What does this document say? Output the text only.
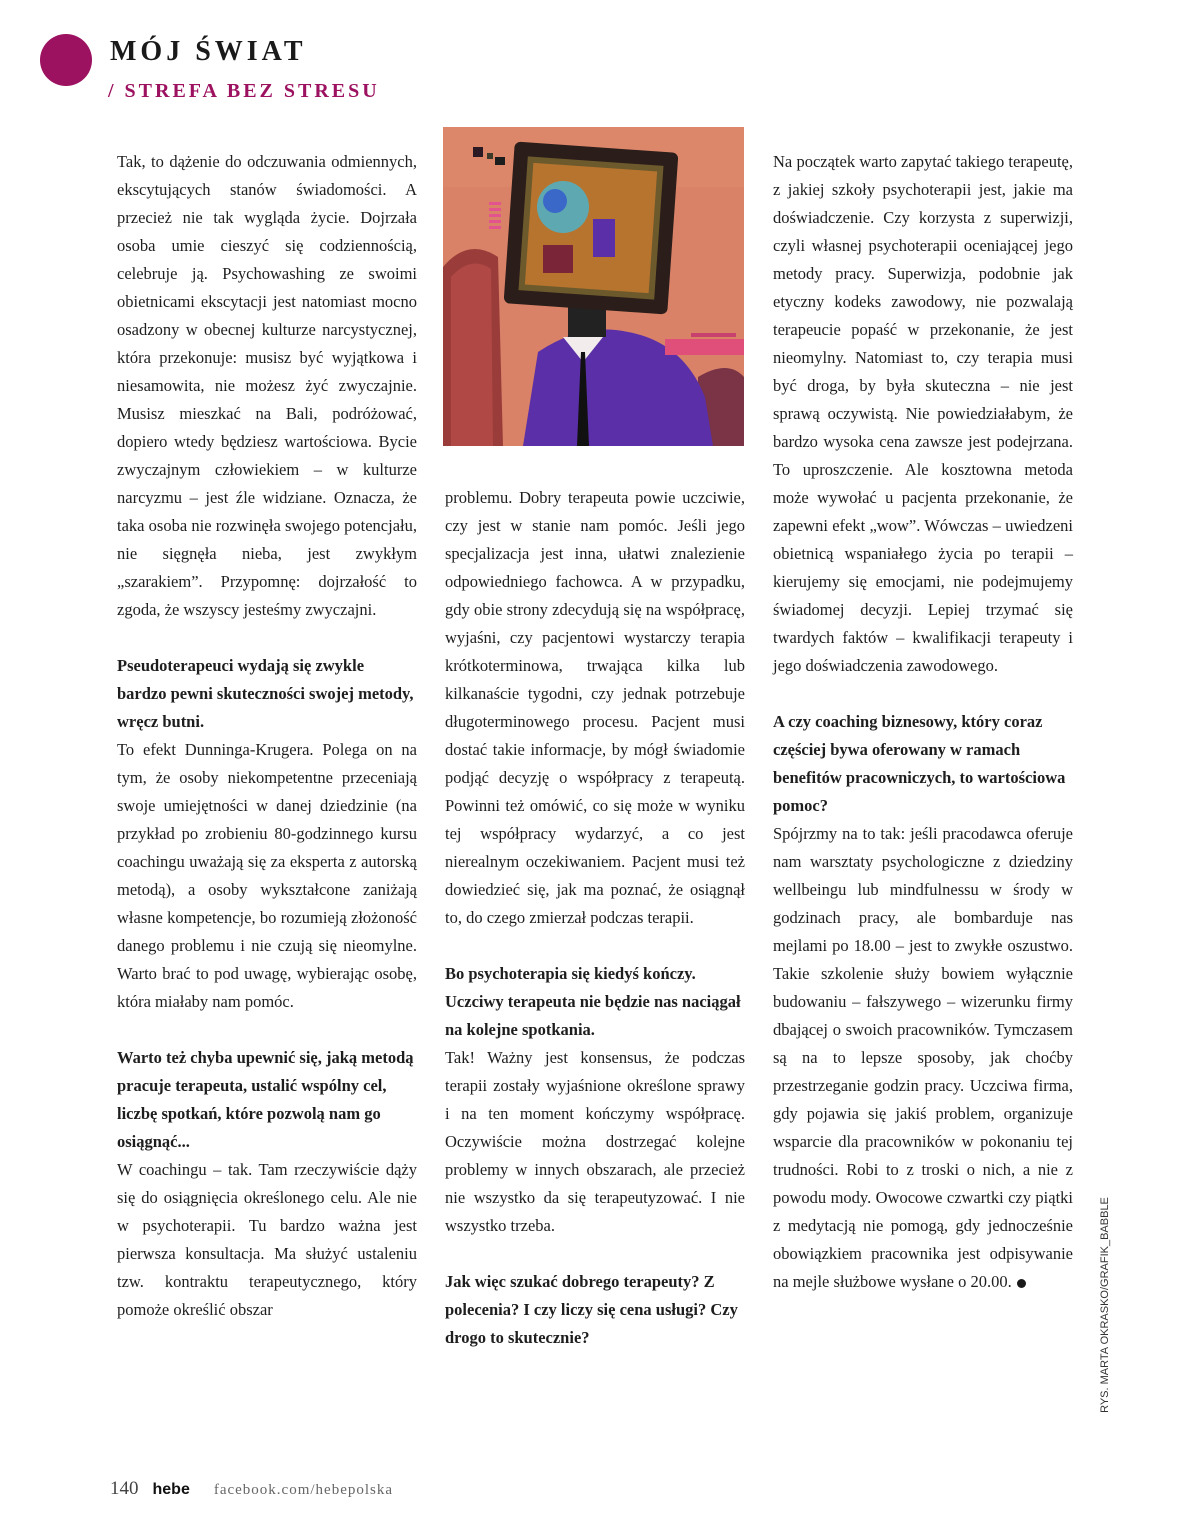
MÓJ ŚWIAT
/ STREFA BEZ STRESU

Tak, to dążenie do odczuwania odmiennych, ekscytujących stanów świadomości. A przecież nie tak wygląda życie. Dojrzała osoba umie cieszyć się codziennością, celebruje ją. Psychowashing ze swoimi obietnicami ekscytacji jest natomiast mocno osadzony w obecnej kulturze narcystycznej, która przekonuje: musisz być wyjątkowa i niesamowita, nie możesz żyć zwyczajnie. Musisz mieszkać na Bali, podróżować, dopiero wtedy będziesz wartościowa. Bycie zwyczajnym człowiekiem – w kulturze narcyzmu – jest źle widziane. Oznacza, że taka osoba nie rozwinęła swojego potencjału, nie sięgnęła nieba, jest zwykłym „szarakiem”. Przypomnę: dojrzałość to zgoda, że wszyscy jesteśmy zwyczajni.

Pseudoterapeuci wydają się zwykle bardzo pewni skuteczności swojej metody, wręcz butni.

To efekt Dunninga-Krugera. Polega on na tym, że osoby niekompetentne przeceniają swoje umiejętności w danej dziedzinie (na przykład po zrobieniu 80-godzinnego kursu coachingu uważają się za eksperta z autorską metodą), a osoby wykształcone zaniżają własne kompetencje, bo rozumieją złożoność danego problemu i nie czują się nieomylne. Warto brać to pod uwagę, wybierając osobę, która miałaby nam pomóc.

Warto też chyba upewnić się, jaką metodą pracuje terapeuta, ustalić wspólny cel, liczbę spotkań, które pozwolą nam go osiągnąć...

W coachingu – tak. Tam rzeczywiście dąży się do osiągnięcia określonego celu. Ale nie w psychoterapii. Tu bardzo ważna jest pierwsza konsultacja. Ma służyć ustaleniu tzw. kontraktu terapeutycznego, który pomoże określić obszar

problemu. Dobry terapeuta powie uczciwie, czy jest w stanie nam pomóc. Jeśli jego specjalizacja jest inna, ułatwi znalezienie odpowiedniego fachowca. A w przypadku, gdy obie strony zdecydują się na współpracę, wyjaśni, czy pacjentowi wystarczy terapia krótkoterminowa, trwająca kilka lub kilkanaście tygodni, czy jednak potrzebuje długoterminowego procesu. Pacjent musi dostać takie informacje, by mógł świadomie podjąć decyzję o współpracy z terapeutą. Powinni też omówić, co się może w wyniku tej współpracy wydarzyć, a co jest nierealnym oczekiwaniem. Pacjent musi też dowiedzieć się, jak ma poznać, że osiągnął to, do czego zmierzał podczas terapii.

Bo psychoterapia się kiedyś kończy. Uczciwy terapeuta nie będzie nas naciągał na kolejne spotkania.

Tak! Ważny jest konsensus, że podczas terapii zostały wyjaśnione określone sprawy i na ten moment kończymy współpracę. Oczywiście można dostrzegać kolejne problemy w innych obszarach, ale przecież nie wszystko da się terapeutyzować. I nie wszystko trzeba.

Jak więc szukać dobrego terapeuty? Z polecenia? I czy liczy się cena usługi? Czy drogo to skutecznie?

Na początek warto zapytać takiego terapeutę, z jakiej szkoły psychoterapii jest, jakie ma doświadczenie. Czy korzysta z superwizji, czyli własnej psychoterapii oceniającej jego metody pracy. Superwizja, podobnie jak etyczny kodeks zawodowy, nie pozwalają terapeucie popaść w przekonanie, że jest nieomylny. Natomiast to, czy terapia musi być droga, by była skuteczna – nie jest sprawą oczywistą. Nie powiedziałabym, że bardzo wysoka cena zawsze jest podejrzana. To uproszczenie. Ale kosztowna metoda może wywołać u pacjenta przekonanie, że zapewni efekt „wow”. Wówczas – uwiedzeni obietnicą wspaniałego życia po terapii – kierujemy się emocjami, nie podejmujemy świadomej decyzji. Lepiej trzymać się twardych faktów – kwalifikacji terapeuty i jego doświadczenia zawodowego.

A czy coaching biznesowy, który coraz częściej bywa oferowany w ramach benefitów pracowniczych, to wartościowa pomoc?

Spójrzmy na to tak: jeśli pracodawca oferuje nam warsztaty psychologiczne z dziedziny wellbeingu lub mindfulnessu w środy w godzinach pracy, ale bombarduje nas mejlami po 18.00 – jest to zwykłe oszustwo. Takie szkolenie służy bowiem wyłącznie budowaniu – fałszywego – wizerunku firmy dbającej o swoich pracowników. Tymczasem są na to lepsze sposoby, jak choćby przestrzeganie godzin pracy. Uczciwa firma, gdy pojawia się jakiś problem, organizuje wsparcie dla pracowników w pokonaniu tej trudności. Robi to z troski o nich, a nie z powodu mody. Owocowe czwartki czy piątki z medytacją nie pomogą, gdy jednocześnie obowiązkiem pracownika jest odpisywanie na mejle służbowe wysłane o 20.00.	RYS. MARTA OKRASKO/GRAFIK_BABBLE
140 hebe facebook.com/hebepolska
